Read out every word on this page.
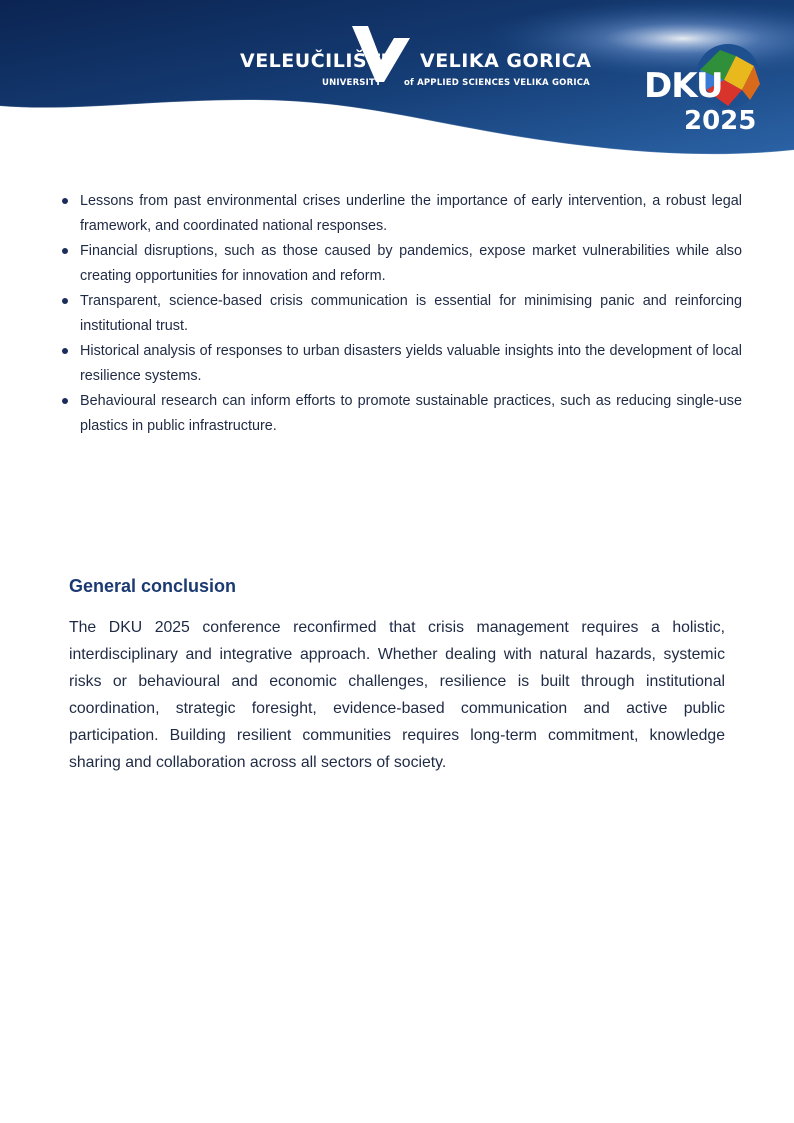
VELEUČILIŠTE VELIKA GORICA
UNIVERSITY	of APPLIED SCIENCES VELIKA GORICA DKU
2025
Lessons from past environmental crises underline the importance of early intervention, a robust legal framework, and coordinated national responses.
Financial disruptions, such as those caused by pandemics, expose market vulnerabilities while also creating opportunities for innovation and reform.
Transparent, science-based crisis communication is essential for minimising panic and reinforcing institutional trust.
Historical analysis of responses to urban disasters yields valuable insights into the development of local resilience systems.
Behavioural research can inform efforts to promote sustainable practices, such as reducing single-use plastics in public infrastructure.
General conclusion

The DKU 2025 conference reconfirmed that crisis management requires a holistic, interdisciplinary and integrative approach. Whether dealing with natural hazards, systemic risks or behavioural and economic challenges, resilience is built through institutional coordination, strategic foresight, evidence-based communication and active public participation. Building resilient communities requires long-term commitment, knowledge sharing and collaboration across all sectors of society.
